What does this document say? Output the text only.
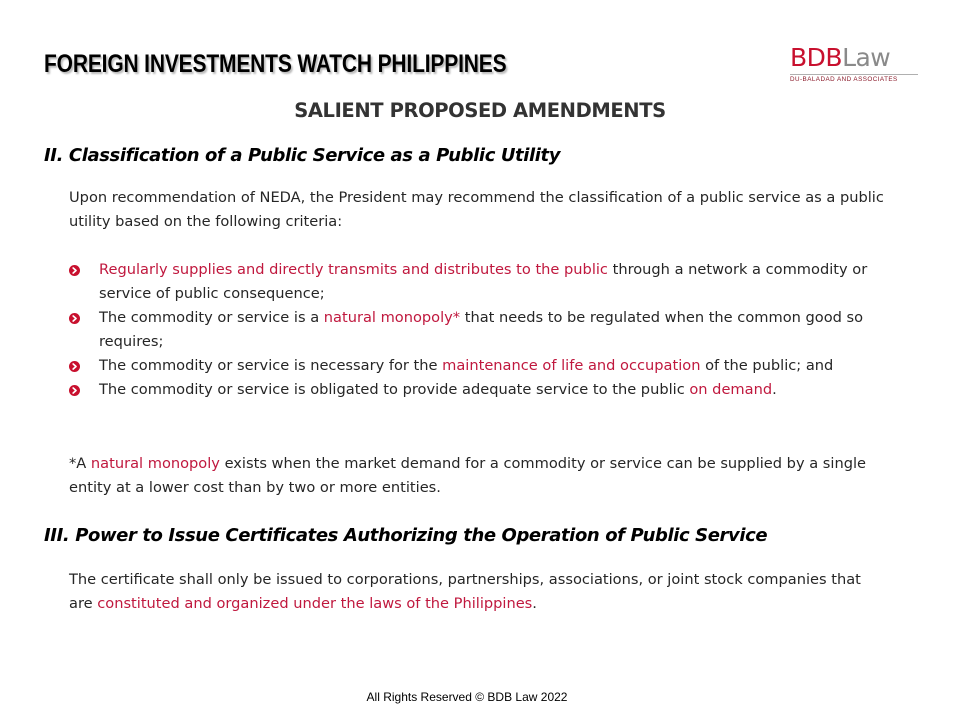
FOREIGN INVESTMENTS WATCH PHILIPPINES	BDBLaw
DU-BALADAD AND ASSOCIATES
SALIENT PROPOSED AMENDMENTS
II. Classification of a Public Service as a Public Utility

Upon recommendation of NEDA, the President may recommend the classification of a public service as a public utility based on the following criteria:

Regularly supplies and directly transmits and distributes to the public through a network a commodity or service of public consequence;
The commodity or service is a natural monopoly* that needs to be regulated when the common good so requires;
The commodity or service is necessary for the maintenance of life and occupation of the public; and
The commodity or service is obligated to provide adequate service to the public on demand.

*A natural monopoly exists when the market demand for a commodity or service can be supplied by a single entity at a lower cost than by two or more entities.

III. Power to Issue Certificates Authorizing the Operation of Public Service

The certificate shall only be issued to corporations, partnerships, associations, or joint stock companies that are constituted and organized under the laws of the Philippines.

All Rights Reserved © BDB Law 2022
